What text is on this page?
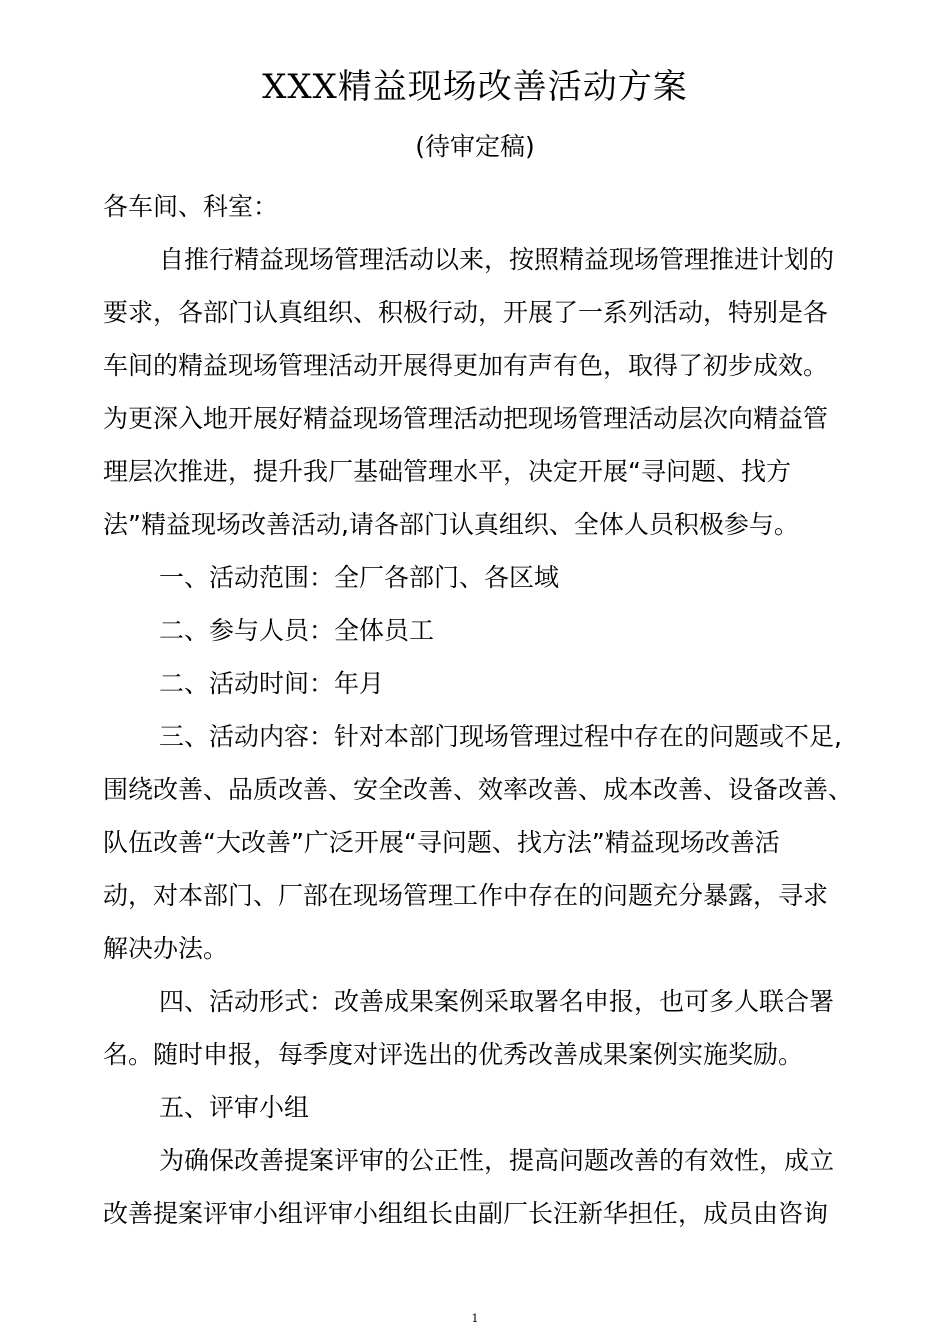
XXX精益现场改善活动方案
(待审定稿)

各车间、科室：

自推行精益现场管理活动以来，按照精益现场管理推进计划的

要求，各部门认真组织、积极行动，开展了一系列活动，特别是各

车间的精益现场管理活动开展得更加有声有色，取得了初步成效。

为更深入地开展好精益现场管理活动把现场管理活动层次向精益管

理层次推进，提升我厂基础管理水平，决定开展“寻问题、找方

法”精益现场改善活动,请各部门认真组织、全体人员积极参与。

一、活动范围：全厂各部门、各区域

二、参与人员：全体员工

二、活动时间：年月

三、活动内容：针对本部门现场管理过程中存在的问题或不足,

围绕改善、品质改善、安全改善、效率改善、成本改善、设备改善、

队伍改善“大改善”广泛开展“寻问题、找方法”精益现场改善活

动，对本部门、厂部在现场管理工作中存在的问题充分暴露，寻求

解决办法。

四、活动形式：改善成果案例采取署名申报，也可多人联合署

名。随时申报，每季度对评选出的优秀改善成果案例实施奖励。

五、评审小组

为确保改善提案评审的公正性，提高问题改善的有效性，成立

改善提案评审小组评审小组组长由副厂长汪新华担任，成员由咨询

1
